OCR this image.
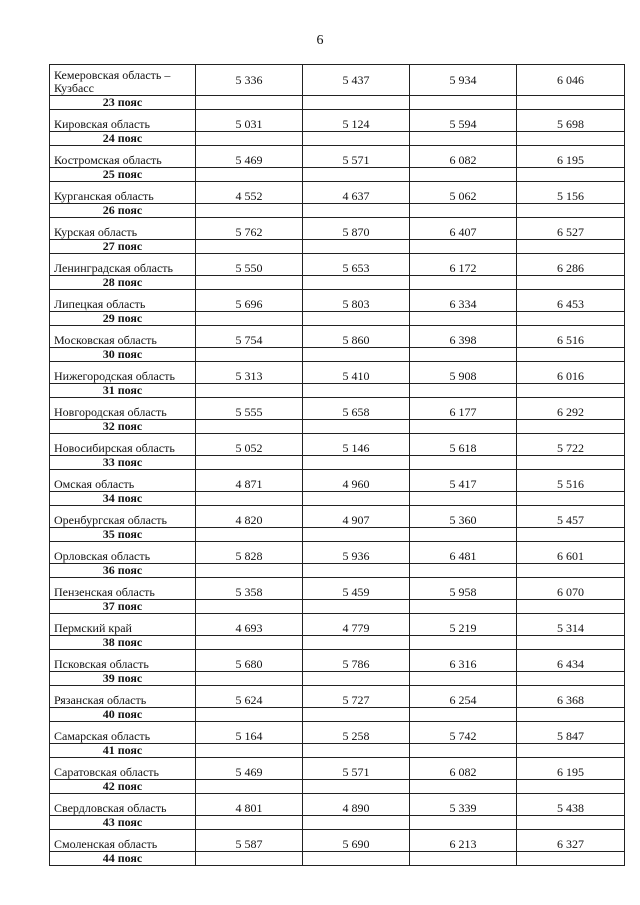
6
Кемеровская область – Кузбасс	5 336	5 437	5 934	6 046
23 пояс				
Кировская область	5 031	5 124	5 594	5 698
24 пояс				
Костромская область	5 469	5 571	6 082	6 195
25 пояс				
Курганская область	4 552	4 637	5 062	5 156
26 пояс				
Курская область	5 762	5 870	6 407	6 527
27 пояс				
Ленинградская область	5 550	5 653	6 172	6 286
28 пояс				
Липецкая область	5 696	5 803	6 334	6 453
29 пояс				
Московская область	5 754	5 860	6 398	6 516
30 пояс				
Нижегородская область	5 313	5 410	5 908	6 016
31 пояс				
Новгородская область	5 555	5 658	6 177	6 292
32 пояс				
Новосибирская область	5 052	5 146	5 618	5 722
33 пояс				
Омская область	4 871	4 960	5 417	5 516
34 пояс				
Оренбургская область	4 820	4 907	5 360	5 457
35 пояс				
Орловская область	5 828	5 936	6 481	6 601
36 пояс				
Пензенская область	5 358	5 459	5 958	6 070
37 пояс				
Пермский край	4 693	4 779	5 219	5 314
38 пояс				
Псковская область	5 680	5 786	6 316	6 434
39 пояс				
Рязанская область	5 624	5 727	6 254	6 368
40 пояс				
Самарская область	5 164	5 258	5 742	5 847
41 пояс				
Саратовская область	5 469	5 571	6 082	6 195
42 пояс				
Свердловская область	4 801	4 890	5 339	5 438
43 пояс				
Смоленская область	5 587	5 690	6 213	6 327
44 пояс				
